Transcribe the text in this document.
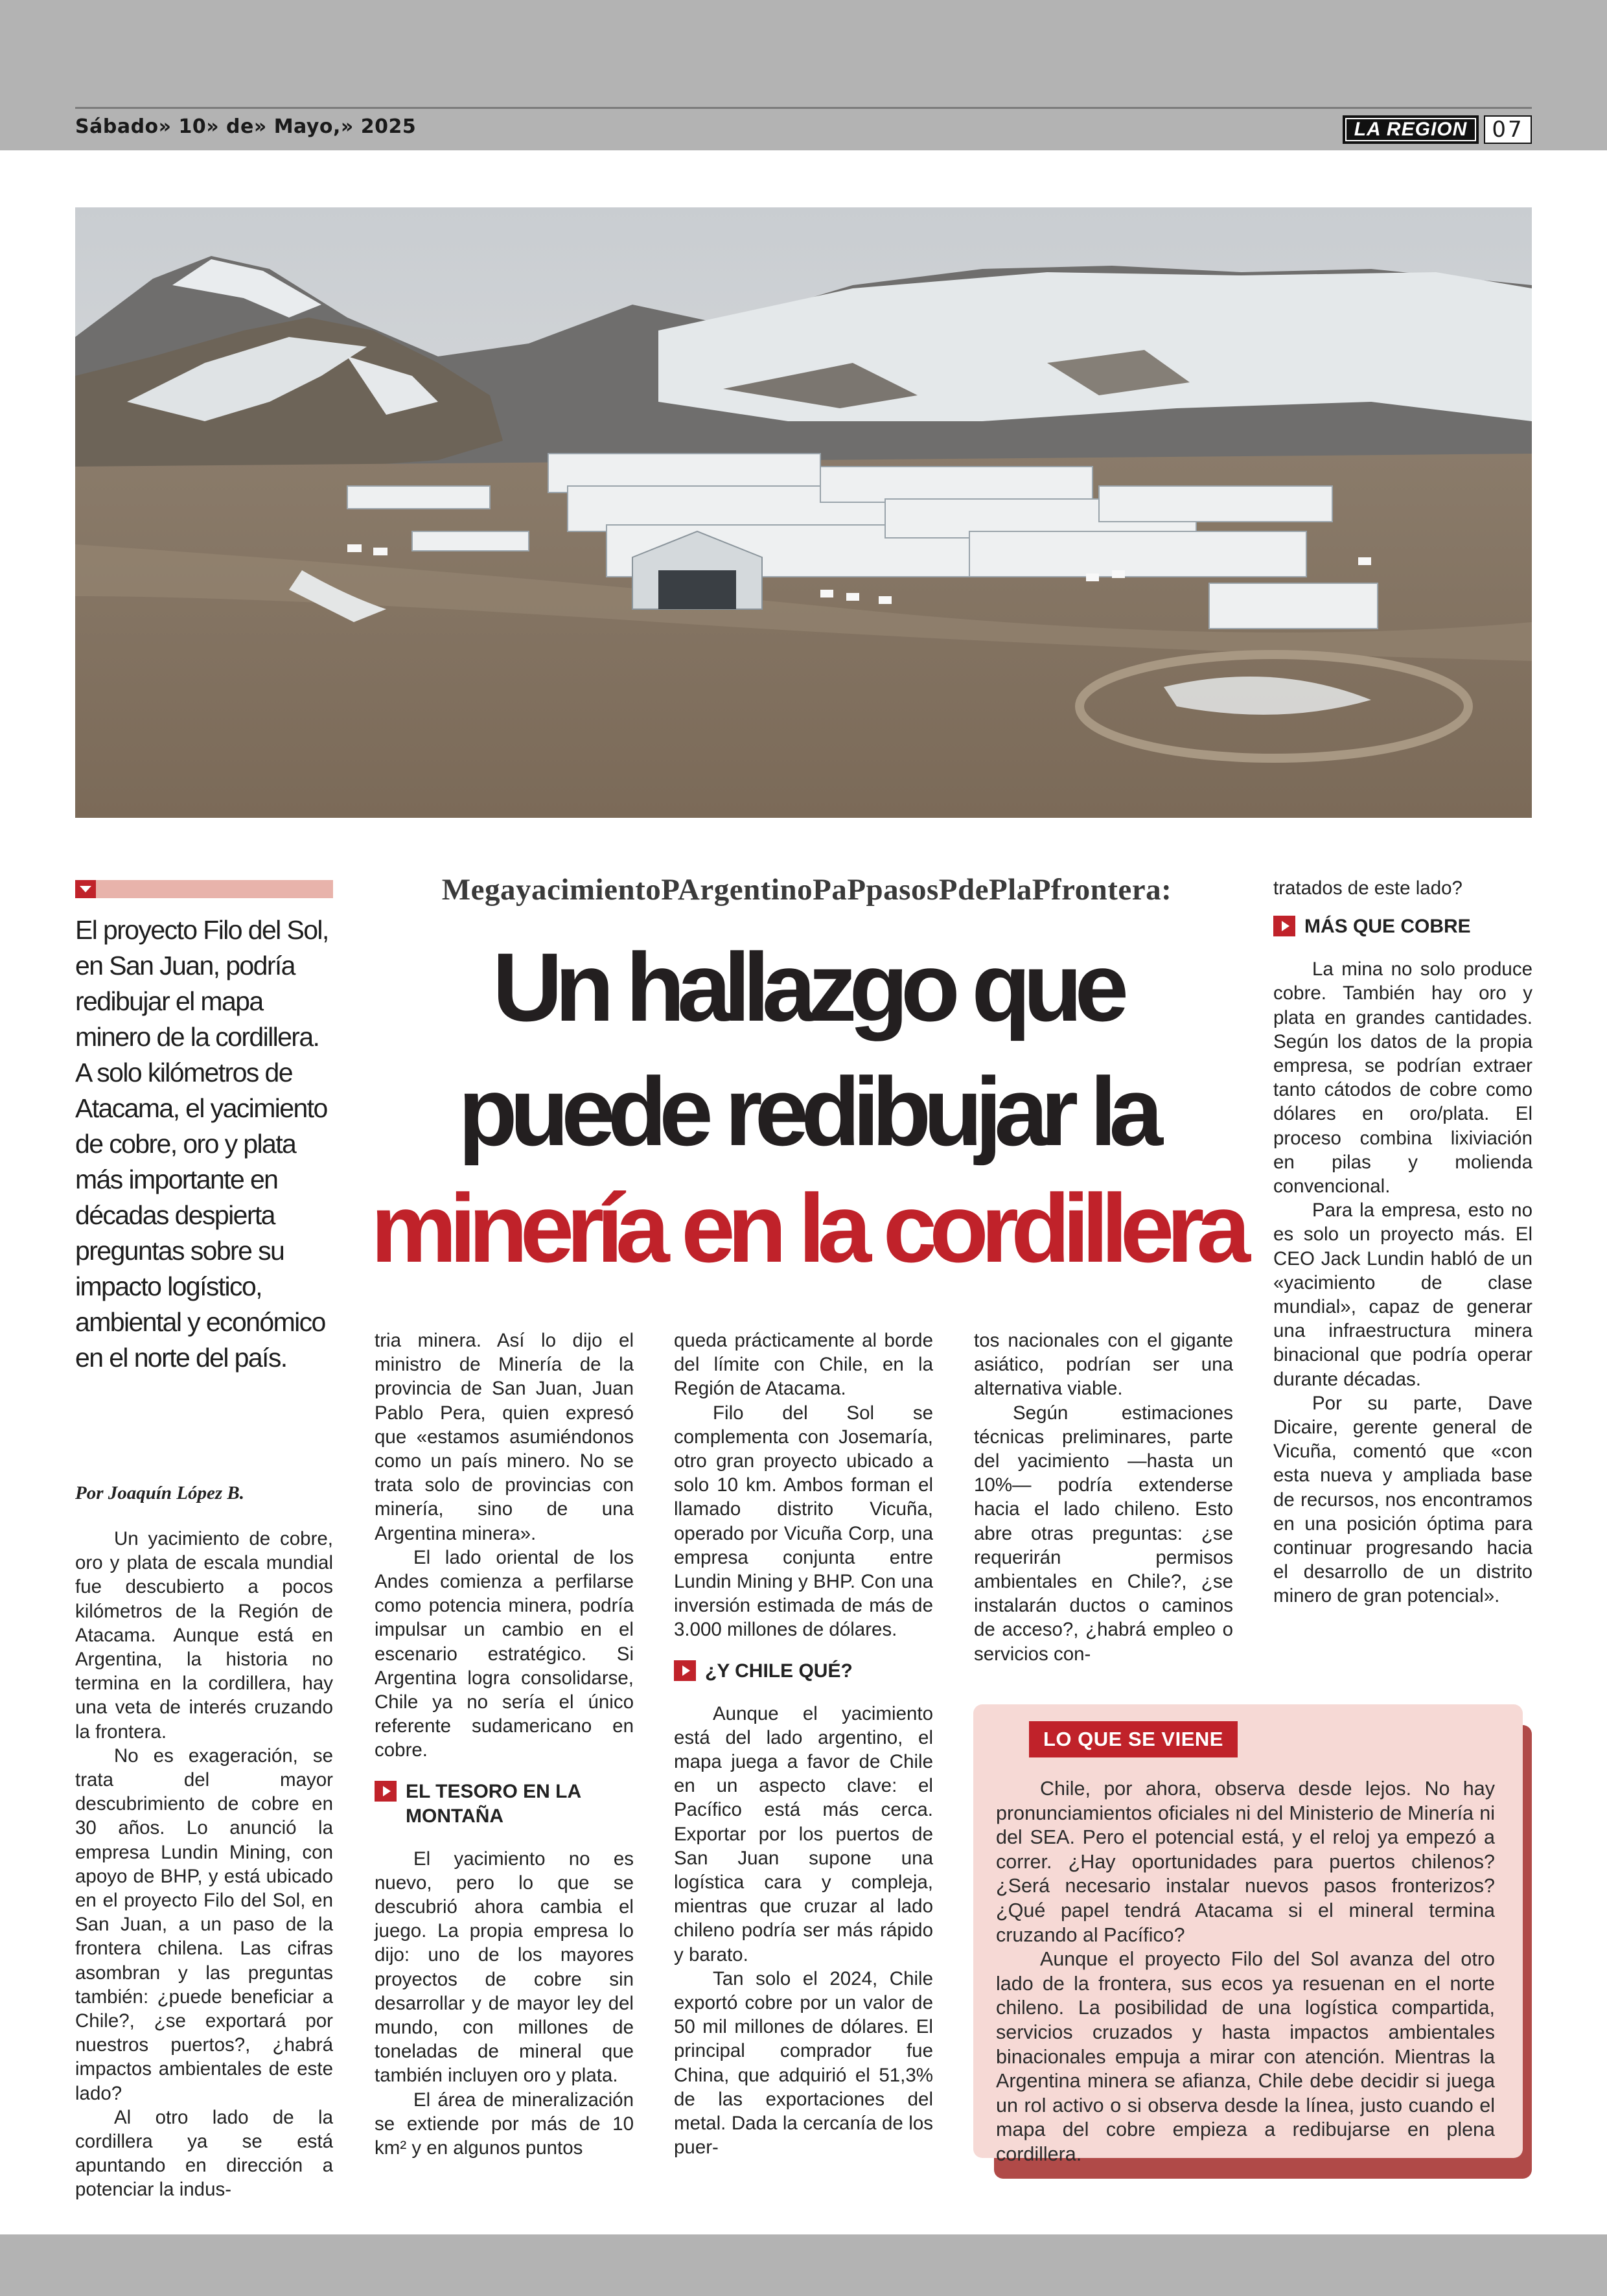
Sábado» 10» de» Mayo,» 2025	LA REGION	07
El proyecto Filo del Sol, en San Juan, podría redibujar el mapa minero de la cordillera. A solo kilómetros de Atacama, el yacimiento de cobre, oro y plata más importante en décadas despierta preguntas sobre su impacto logístico, ambiental y económico en el norte del país.
MegayacimientoPArgentinoPaPpasosPdePlaPfrontera:
Un hallazgo que
puede redibujar la
minería en la cordillera
Por Joaquín López B.

Un yacimiento de cobre, oro y plata de escala mundial fue descubierto a pocos kilómetros de la Región de Atacama. Aunque está en Argentina, la historia no termina en la cordillera, hay una veta de interés cruzando la frontera.

No es exageración, se trata del mayor descubrimiento de cobre en 30 años. Lo anunció la empresa Lundin Mining, con apoyo de BHP, y está ubicado en el proyecto Filo del Sol, en San Juan, a un paso de la frontera chilena. Las cifras asombran y las preguntas también: ¿puede beneficiar a Chile?, ¿se exportará por nuestros puertos?, ¿habrá impactos ambientales de este lado?

Al otro lado de la cordillera ya se está apuntando en dirección a potenciar la indus-

tria minera. Así lo dijo el ministro de Minería de la provincia de San Juan, Juan Pablo Pera, quien expresó que «estamos asumiéndonos como un país minero. No se trata solo de provincias con minería, sino de una Argentina minera».

El lado oriental de los Andes comienza a perfilarse como potencia minera, podría impulsar un cambio en el escenario estratégico. Si Argentina logra consolidarse, Chile ya no sería el único referente sudamericano en cobre.

EL TESORO EN LA MONTAÑA

El yacimiento no es nuevo, pero lo que se descubrió ahora cambia el juego. La propia empresa lo dijo: uno de los mayores proyectos de cobre sin desarrollar y de mayor ley del mundo, con millones de toneladas de mineral que también incluyen oro y plata.

El área de mineralización se extiende por más de 10 km² y en algunos puntos

queda prácticamente al borde del límite con Chile, en la Región de Atacama.

Filo del Sol se complementa con Josemaría, otro gran proyecto ubicado a solo 10 km. Ambos forman el llamado distrito Vicuña, operado por Vicuña Corp, una empresa conjunta entre Lundin Mining y BHP. Con una inversión estimada de más de 3.000 millones de dólares.

¿Y CHILE QUÉ?

Aunque el yacimiento está del lado argentino, el mapa juega a favor de Chile en un aspecto clave: el Pacífico está más cerca. Exportar por los puertos de San Juan supone una logística cara y compleja, mientras que cruzar al lado chileno podría ser más rápido y barato.

Tan solo el 2024, Chile exportó cobre por un valor de 50 mil millones de dólares. El principal comprador fue China, que adquirió el 51,3% de las exportaciones del metal. Dada la cercanía de los puer-

tos nacionales con el gigante asiático, podrían ser una alternativa viable.

Según estimaciones técnicas preliminares, parte del yacimiento —hasta un 10%— podría extenderse hacia el lado chileno. Esto abre otras preguntas: ¿se requerirán permisos ambientales en Chile?, ¿se instalarán ductos o caminos de acceso?, ¿habrá empleo o servicios con-

tratados de este lado?

MÁS QUE COBRE

La mina no solo produce cobre. También hay oro y plata en grandes cantidades. Según los datos de la propia empresa, se podrían extraer tanto cátodos de cobre como dólares en oro/plata. El proceso combina lixiviación en pilas y molienda convencional.

Para la empresa, esto no es solo un proyecto más. El CEO Jack Lundin habló de un «yacimiento de clase mundial», capaz de generar una infraestructura minera binacional que podría operar durante décadas.

Por su parte, Dave Dicaire, gerente general de Vicuña, comentó que «con esta nueva y ampliada base de recursos, nos encontramos en una posición óptima para continuar progresando hacia el desarrollo de un distrito minero de gran potencial».

LO QUE SE VIENE

Chile, por ahora, observa desde lejos. No hay pronunciamientos oficiales ni del Ministerio de Minería ni del SEA. Pero el potencial está, y el reloj ya empezó a correr. ¿Hay oportunidades para puertos chilenos? ¿Será necesario instalar nuevos pasos fronterizos? ¿Qué papel tendrá Atacama si el mineral termina cruzando al Pacífico?

Aunque el proyecto Filo del Sol avanza del otro lado de la frontera, sus ecos ya resuenan en el norte chileno. La posibilidad de una logística compartida, servicios cruzados y hasta impactos ambientales binacionales empuja a mirar con atención. Mientras la Argentina minera se afianza, Chile debe decidir si juega un rol activo o si observa desde la línea, justo cuando el mapa del cobre empieza a redibujarse en plena cordillera.
